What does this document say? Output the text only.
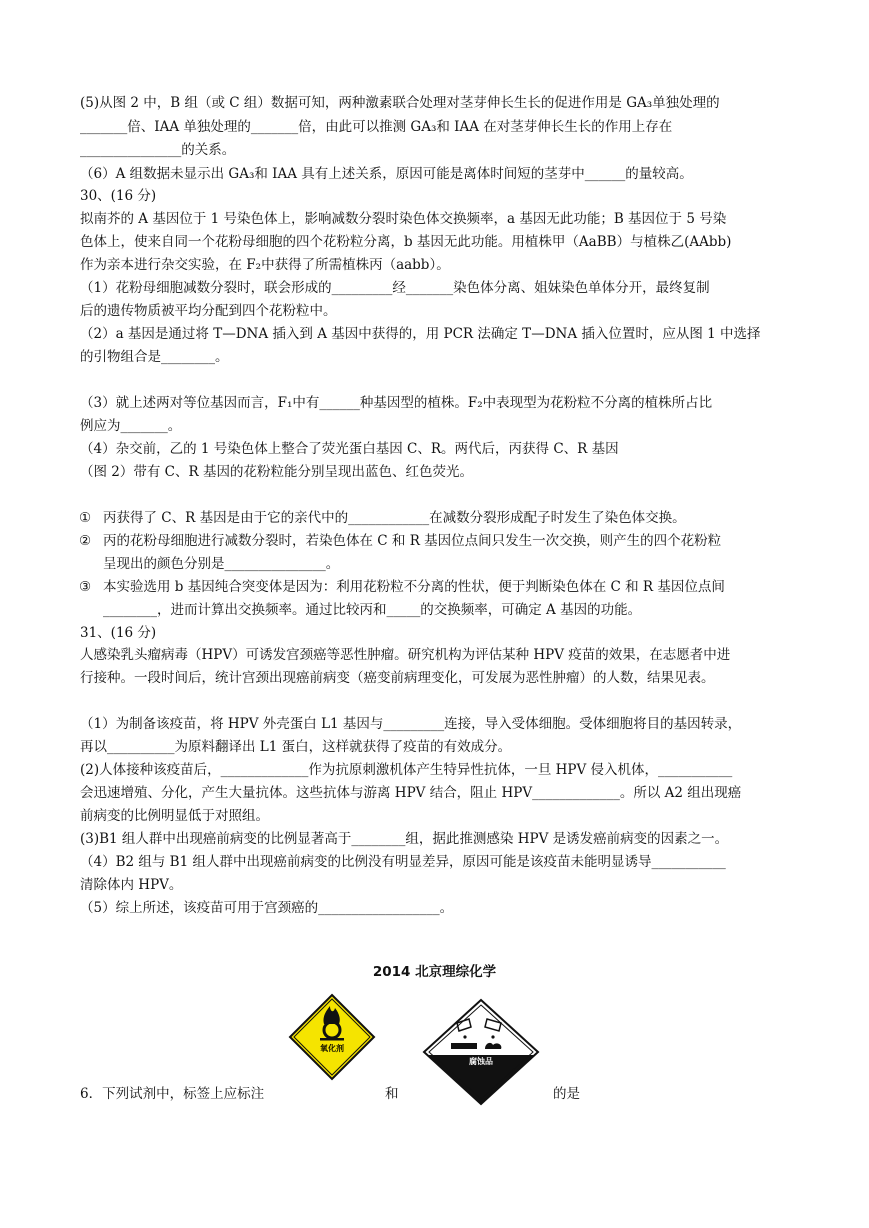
(5)从图 2 中，B 组（或 C 组）数据可知，两种激素联合处理对茎芽伸长生长的促进作用是 GA₃单独处理的
_______倍、IAA 单独处理的_______倍，由此可以推测 GA₃和 IAA 在对茎芽伸长生长的作用上存在
_______________的关系。
（6）A 组数据未显示出 GA₃和 IAA 具有上述关系，原因可能是离体时间短的茎芽中______的量较高。
30、(16 分)
拟南芥的 A 基因位于 1 号染色体上，影响减数分裂时染色体交换频率，a 基因无此功能；B 基因位于 5 号染
色体上，使来自同一个花粉母细胞的四个花粉粒分离，b 基因无此功能。用植株甲（AaBB）与植株乙(AAbb)
作为亲本进行杂交实验，在 F₂中获得了所需植株丙（aabb）。
（1）花粉母细胞减数分裂时，联会形成的_________经_______染色体分离、姐妹染色单体分开，最终复制
后的遗传物质被平均分配到四个花粉粒中。
（2）a 基因是通过将 T—DNA 插入到 A 基因中获得的，用 PCR 法确定 T—DNA 插入位置时，应从图 1 中选择
的引物组合是________。
（3）就上述两对等位基因而言，F₁中有______种基因型的植株。F₂中表现型为花粉粒不分离的植株所占比
例应为_______。
（4）杂交前，乙的 1 号染色体上整合了荧光蛋白基因 C、R。两代后，丙获得 C、R 基因
（图 2）带有 C、R 基因的花粉粒能分别呈现出蓝色、红色荧光。
① 丙获得了 C、R 基因是由于它的亲代中的____________在减数分裂形成配子时发生了染色体交换。
② 丙的花粉母细胞进行减数分裂时，若染色体在 C 和 R 基因位点间只发生一次交换，则产生的四个花粉粒
呈现出的颜色分别是_______________。
③ 本实验选用 b 基因纯合突变体是因为：利用花粉粒不分离的性状，便于判断染色体在 C 和 R 基因位点间
________，进而计算出交换频率。通过比较丙和_____的交换频率，可确定 A 基因的功能。
31、(16 分)
人感染乳头瘤病毒（HPV）可诱发宫颈癌等恶性肿瘤。研究机构为评估某种 HPV 疫苗的效果，在志愿者中进
行接种。一段时间后，统计宫颈出现癌前病变（癌变前病理变化，可发展为恶性肿瘤）的人数，结果见表。
（1）为制备该疫苗，将 HPV 外壳蛋白 L1 基因与_________连接，导入受体细胞。受体细胞将目的基因转录，
再以__________为原料翻译出 L1 蛋白，这样就获得了疫苗的有效成分。
(2)人体接种该疫苗后，_____________作为抗原刺激机体产生特异性抗体，一旦 HPV 侵入机体，___________
会迅速增殖、分化，产生大量抗体。这些抗体与游离 HPV 结合，阻止 HPV_____________。所以 A2 组出现癌
前病变的比例明显低于对照组。
(3)B1 组人群中出现癌前病变的比例显著高于________组，据此推测感染 HPV 是诱发癌前病变的因素之一。
（4）B2 组与 B1 组人群中出现癌前病变的比例没有明显差异，原因可能是该疫苗未能明显诱导___________
清除体内 HPV。
（5）综上所述，该疫苗可用于宫颈癌的__________________。
2014 北京理综化学
氧化剂
腐蚀品
6．下列试剂中，标签上应标注	和	的是
